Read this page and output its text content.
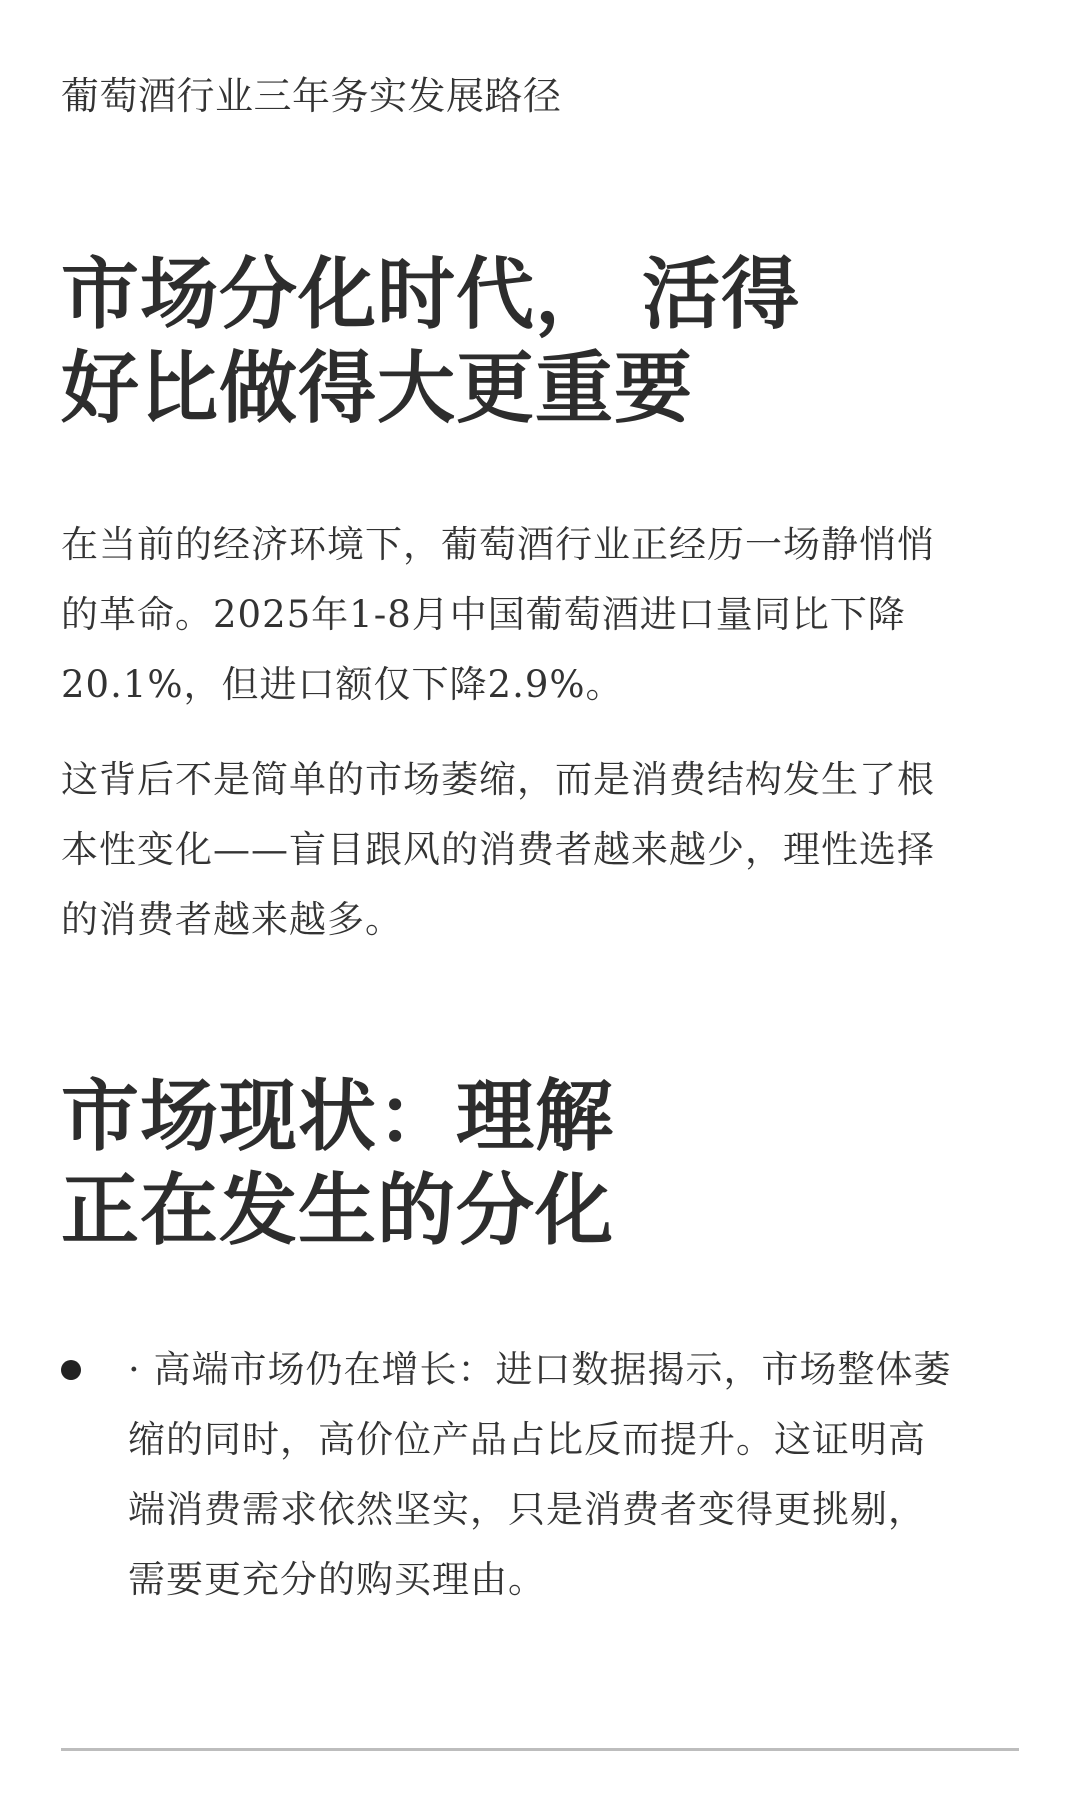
葡萄酒行业三年务实发展路径
市场分化时代， 活得
好比做得大更重要
在当前的经济环境下，葡萄酒行业正经历一场静悄悄
的革命。2025年1-8月中国葡萄酒进口量同比下降
20.1%，但进口额仅下降2.9%。
这背后不是简单的市场萎缩，而是消费结构发生了根
本性变化——盲目跟风的消费者越来越少，理性选择
的消费者越来越多。
市场现状：理解
正在发生的分化
· 高端市场仍在增长：进口数据揭示，市场整体萎
缩的同时，高价位产品占比反而提升。这证明高
端消费需求依然坚实，只是消费者变得更挑剔，
需要更充分的购买理由。
